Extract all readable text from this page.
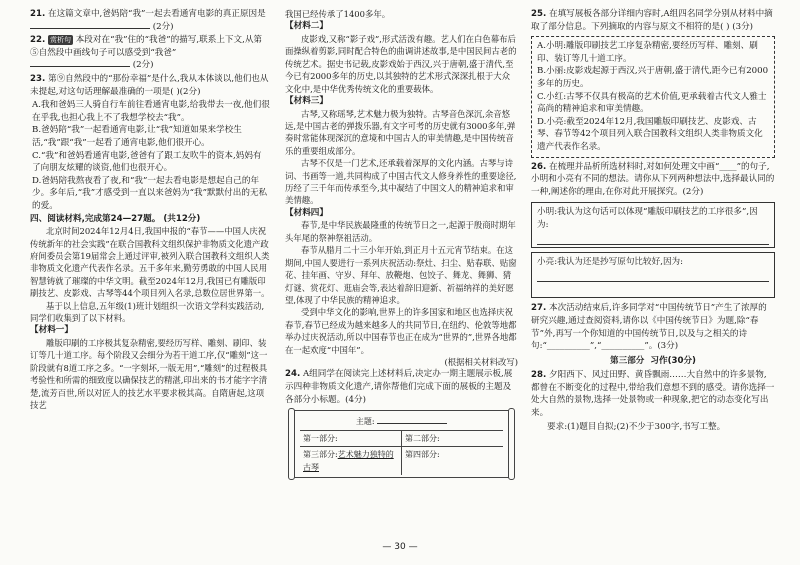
21. 在这篇文章中,爸妈陪“我”一起去看通宵电影的真正原因是  (2分)

22. 赏析句 本段对在“我”住的“我爸”的描写,联系上下文,从第⑤自然段中画线句子可以感受到“我爸”  (2分)

23. 第⑨自然段中的“那份幸福”是什么,我从本体谈以,他们也从未提起,对这句话理解最准确的一项是( )(2分)

A.我和爸妈三人骑自行车前往看通宵电影,给我带去一夜,他们很在乎我,也担心我上不了我想学校去“我”。

B.爸妈陪“我”一起看通宵电影,让“我”知道如果来学校生活,“我”跟“我”一起看了通宵电影,他们很开心。

C.“我”和爸妈看通宵电影,爸爸有了跟工友吹牛的资本,妈妈有了向朋友炫耀的谈资,他们也很开心。

D.爸妈陪我熬夜看了夜,和“我”一起去看电影是想起自己的年少。多年后,“我”才感受到一直以来爸妈为“我”默默付出的无私的爱。

四、阅读材料,完成第24—27题。 (共12分)

北京时间2024年12月4日,我国申报的“春节——中国人庆祝传统新年的社会实践”在联合国教科文组织保护非物质文化遗产政府间委员会第19届常会上通过评审,被列入联合国教科文组织人类非物质文化遗产代表作名录。五千多年来,勤劳勇敢的中国人民用智慧铸就了璀璨的中华文明。截至2024年12月,我国已有雕版印刷技艺、皮影戏、古琴等44个项目列入名录,总数位居世界第一。

基于以上信息,五年级(1)班计划组织一次语文学科实践活动,同学们收集到了以下材料。

【材料一】

雕版印刷的工序极其复杂精密,要经历写样、雕刻、刷印、装订等几十道工序。每个阶段又会细分为若干道工序,仅“雕刻”这一阶段就有8道工序之多。“一字刻坏,一版无用”,“雕刻”的过程极具考验性和所需的细致度以确保技艺的精湛,印出来的书才能字字清楚,流芳百世,所以对匠人的技艺水平要求极其高。自隋唐起,这项技艺

我国已经传承了1400多年。

【材料二】

皮影戏,又称“影子戏”,形式活泼有趣。艺人们在白色幕布后面操纵着剪影,同时配合特色的曲调讲述故事,是中国民间古老的传统艺术。据史书记载,皮影戏始于西汉,兴于唐朝,盛于清代,至今已有2000多年的历史,以其独特的艺术形式深深扎根于大众文化中,是中华优秀传统文化的重要载体。

【材料三】

古琴,又称瑶琴,艺术魅力极为独特。古琴音色深沉,余音悠远,是中国古老的弹拨乐器,有文字可考的历史就有3000多年,弹奏时常能体现深沉的意境和中国古人的审美情趣,是中国传统音乐的重要组成部分。

古琴不仅是一门艺术,还承载着深厚的文化内涵。古琴与诗词、书画等一道,共同构成了中国古代文人修身养性的重要途径,历经了三千年而传承至今,其中凝结了中国文人的精神追求和审美情趣。

【材料四】

春节,是中华民族最隆重的传统节日之一,起源于殷商时期年头年尾的祭神祭祖活动。

春节从腊月二十三小年开始,到正月十五元宵节结束。在这期间,中国人要进行一系列庆祝活动:祭灶、扫尘、贴春联、贴窗花、挂年画、守岁、拜年、放鞭炮、包饺子、舞龙、舞狮、猜灯谜、赏花灯、逛庙会等,表达着辞旧迎新、祈福纳祥的美好愿望,体现了中华民族的精神追求。

受到中华文化的影响,世界上的许多国家和地区也选择庆祝春节,春节已经成为越来越多人的共同节日,在纽约、伦敦等地都举办过庆祝活动,所以中国春节也正在成为“世界的”,世界各地都在一起欢度“中国年”。

(根据相关材料改写)

24. A组同学在阅读完上述材料后,决定办一期主题展示板,展示四种非物质文化遗产,请你帮他们完成下面的展板的主题及各部分小标题。(4分)

主题:
第一部分:	第二部分:
第三部分:艺术魅力独特的古琴
第四部分:

25. 在填写展板各部分详细内容时,A组四名同学分别从材料中摘取了部分信息。下列摘取的内容与原文不相符的是( ) (3分)

A.小明:雕版印刷技艺工序复杂精密,要经历写样、雕刻、刷印、装订等几十道工序。

B.小丽:皮影戏起源于西汉,兴于唐朝,盛于清代,距今已有2000多年的历史。

C.小红:古琴不仅具有极高的艺术价值,更承载着古代文人雅士高尚的精神追求和审美情趣。

D.小亮:截至2024年12月,我国雕版印刷技艺、皮影戏、古琴、春节等42个项目列入联合国教科文组织人类非物质文化遗产代表作名录。

26. 在梳理并品析所选材料时,对如何处理文中画“____”的句子,小明和小亮有不同的想法。请你从下列两种想法中,选择最认同的一种,阐述你的理由,在你对此开展探究。(2分)

小明:我认为这句话可以体现“雕版印刷技艺的工序很多”,因为:

小亮:我认为还是抄写原句比较好,因为:

27. 本次活动结束后,许多同学对“中国传统节日”产生了浓厚的研究兴趣,通过查阅资料,请你以《中国传统节日》为题,除“春节”外,再写一个你知道的中国传统节日,以及与之相关的诗句:“__________”,“__________”。(3分)

第三部分 习作(30分)

28. 夕阳西下、风过田野、黄昏飘雨……大自然中的许多景物,都曾在不断变化的过程中,带给我们意想不到的感受。请你选择一处大自然的景物,选择一处景物或一种现象,把它的动态变化写出来。

要求:(1)题目自拟;(2)不少于300字,书写工整。

— 30 —
